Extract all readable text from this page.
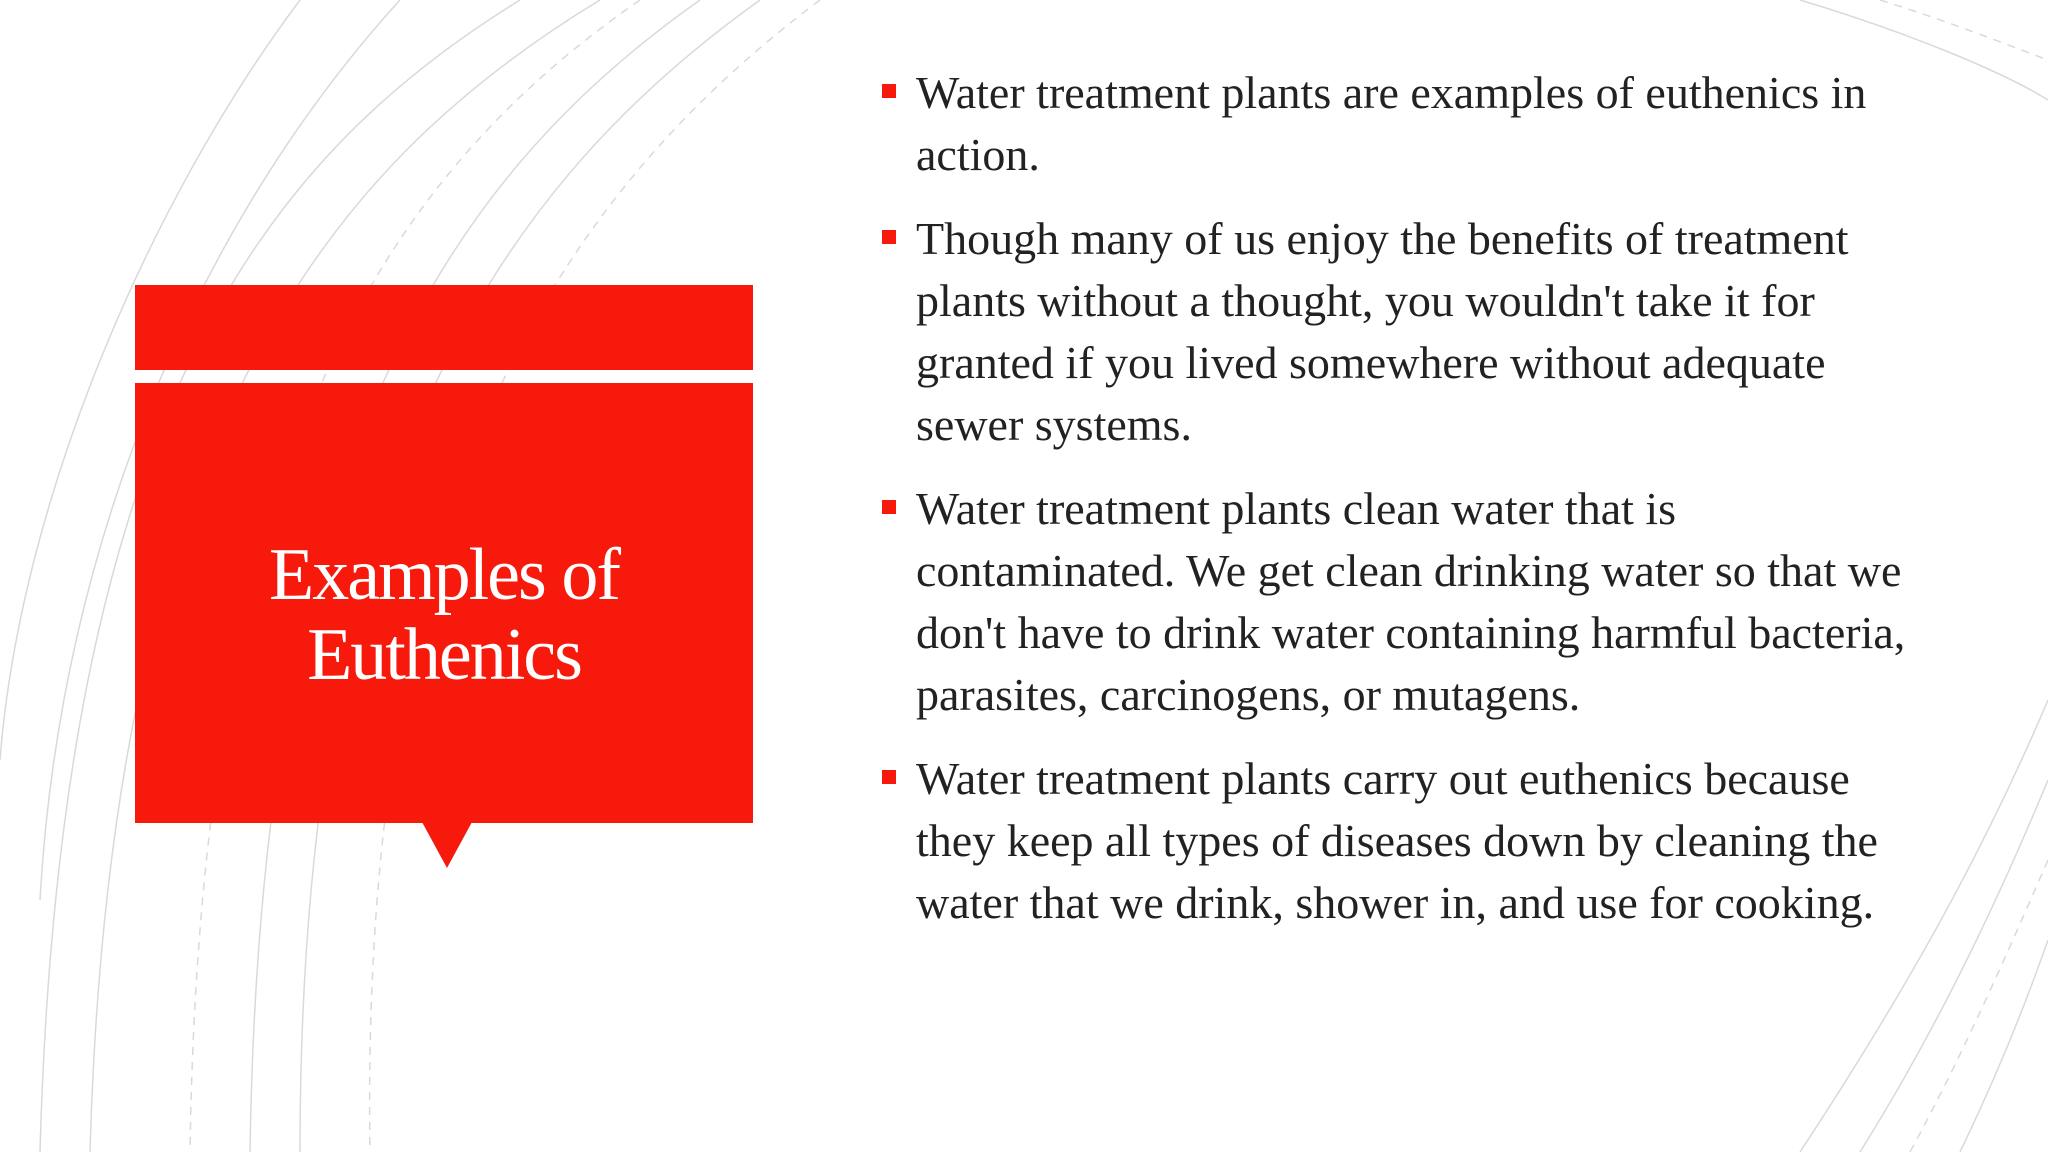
Examples of Euthenics
Water treatment plants are examples of euthenics in action.
Though many of us enjoy the benefits of treatment plants without a thought, you wouldn't take it for granted if you lived somewhere without adequate sewer systems.
Water treatment plants clean water that is contaminated. We get clean drinking water so that we don't have to drink water containing harmful bacteria, parasites, carcinogens, or mutagens.
Water treatment plants carry out euthenics because they keep all types of diseases down by cleaning the water that we drink, shower in, and use for cooking.
